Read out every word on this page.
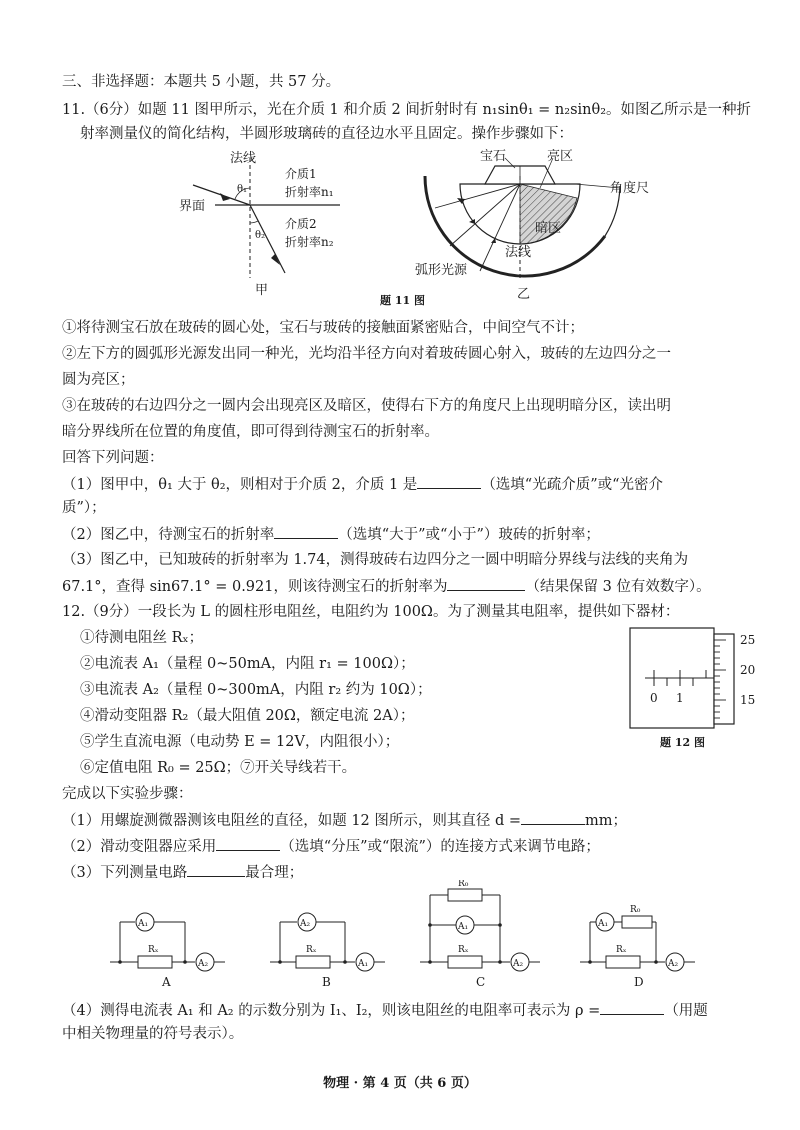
三、非选择题：本题共 5 小题，共 57 分。
11.（6分）如题 11 图甲所示，光在介质 1 和介质 2 间折射时有 n₁sinθ₁ = n₂sinθ₂。如图乙所示是一种折
射率测量仪的简化结构，半圆形玻璃砖的直径边水平且固定。操作步骤如下：
法线
界面
θ₁
θ₂
介质1
折射率n₁
介质2
折射率n₂
甲
宝石	亮区
角度尺
暗区
法线
弧形光源
乙
题 11 图
①将待测宝石放在玻砖的圆心处，宝石与玻砖的接触面紧密贴合，中间空气不计；
②左下方的圆弧形光源发出同一种光，光均沿半径方向对着玻砖圆心射入，玻砖的左边四分之一
圆为亮区；
③在玻砖的右边四分之一圆内会出现亮区及暗区，使得右下方的角度尺上出现明暗分区，读出明
暗分界线所在位置的角度值，即可得到待测宝石的折射率。
回答下列问题：
（1）图甲中，θ₁ 大于 θ₂，则相对于介质 2，介质 1 是	（选填“光疏介质”或“光密介
质”）；
（2）图乙中，待测宝石的折射率	（选填“大于”或“小于”）玻砖的折射率；
（3）图乙中，已知玻砖的折射率为 1.74，测得玻砖右边四分之一圆中明暗分界线与法线的夹角为
67.1°，查得 sin67.1° = 0.921，则该待测宝石的折射率为	（结果保留 3 位有效数字）。
12.（9分）一段长为 L 的圆柱形电阻丝，电阻约为 100Ω。为了测量其电阻率，提供如下器材：
①待测电阻丝 Rₓ；
②电流表 A₁（量程 0~50mA，内阻 r₁ = 100Ω）；
③电流表 A₂（量程 0~300mA，内阻 r₂ 约为 10Ω）；
④滑动变阻器 R₂（最大阻值 20Ω，额定电流 2A）；
⑤学生直流电源（电动势 E = 12V，内阻很小）；
⑥定值电阻 R₀ = 25Ω；⑦开关导线若干。
25
20
15
0 1
题 12 图
完成以下实验步骤：
（1）用螺旋测微器测该电阻丝的直径，如题 12 图所示，则其直径 d =	mm；
（2）滑动变阻器应采用	（选填“分压”或“限流”）的连接方式来调节电路；
（3）下列测量电路	最合理；
A₁
Rₓ
A₂
A
A₂
Rₓ
A₁
B
R₀
A₁
Rₓ
A₂
C
A₁
R₀
Rₓ
A₂
D
（4）测得电流表 A₁ 和 A₂ 的示数分别为 I₁、I₂，则该电阻丝的电阻率可表示为 ρ =	（用题
中相关物理量的符号表示）。
物理 · 第 4 页（共 6 页）
